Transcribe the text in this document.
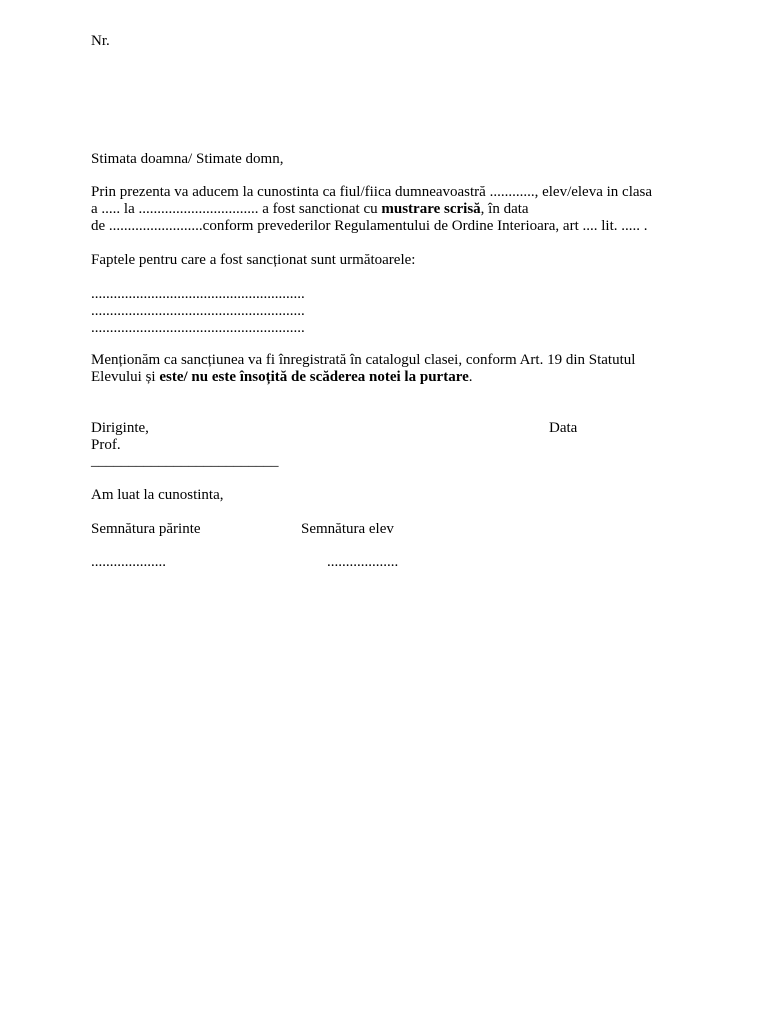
Nr.
Stimata doamna/ Stimate domn,
Prin prezenta va aducem la cunostinta ca fiul/fiica dumneavoastră ............, elev/eleva in clasa
a ..... la ................................ a fost sanctionat cu mustrare scrisă, în data
de .........................conform prevederilor Regulamentului de Ordine Interioara, art .... lit. ..... .
Faptele pentru care a fost sancționat sunt următoarele:
.........................................................
.........................................................
.........................................................
Menționăm ca sancțiunea va fi înregistrată în catalogul clasei, conform Art. 19 din Statutul
Elevului și este/ nu este însoțită de scăderea notei la purtare.
Diriginte,	Data
Prof.
_________________________
Am luat la cunostinta,
Semnătura părinte	Semnătura elev
....................	...................
